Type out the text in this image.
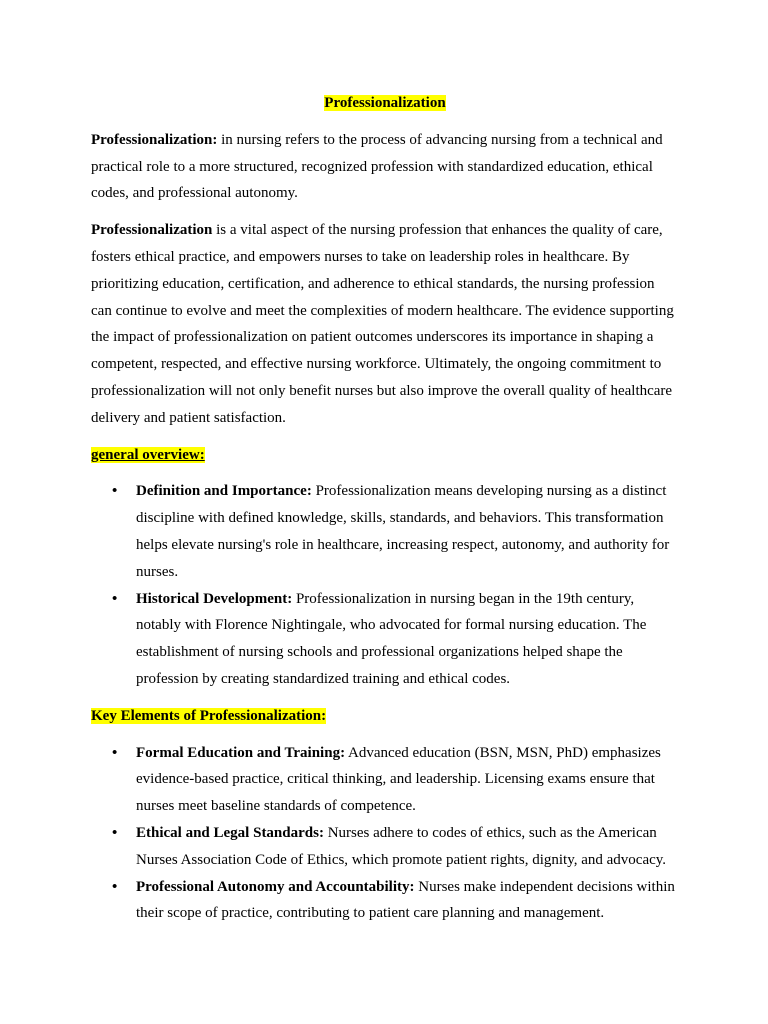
Professionalization

Professionalization: in nursing refers to the process of advancing nursing from a technical and practical role to a more structured, recognized profession with standardized education, ethical codes, and professional autonomy.

Professionalization is a vital aspect of the nursing profession that enhances the quality of care, fosters ethical practice, and empowers nurses to take on leadership roles in healthcare. By prioritizing education, certification, and adherence to ethical standards, the nursing profession can continue to evolve and meet the complexities of modern healthcare. The evidence supporting the impact of professionalization on patient outcomes underscores its importance in shaping a competent, respected, and effective nursing workforce. Ultimately, the ongoing commitment to professionalization will not only benefit nurses but also improve the overall quality of healthcare delivery and patient satisfaction.

general overview:
• Definition and Importance: Professionalization means developing nursing as a distinct discipline with defined knowledge, skills, standards, and behaviors. This transformation helps elevate nursing's role in healthcare, increasing respect, autonomy, and authority for nurses.
• Historical Development: Professionalization in nursing began in the 19th century, notably with Florence Nightingale, who advocated for formal nursing education. The establishment of nursing schools and professional organizations helped shape the profession by creating standardized training and ethical codes.
Key Elements of Professionalization:
• Formal Education and Training: Advanced education (BSN, MSN, PhD) emphasizes evidence-based practice, critical thinking, and leadership. Licensing exams ensure that nurses meet baseline standards of competence.
• Ethical and Legal Standards: Nurses adhere to codes of ethics, such as the American Nurses Association Code of Ethics, which promote patient rights, dignity, and advocacy.
• Professional Autonomy and Accountability: Nurses make independent decisions within their scope of practice, contributing to patient care planning and management.
